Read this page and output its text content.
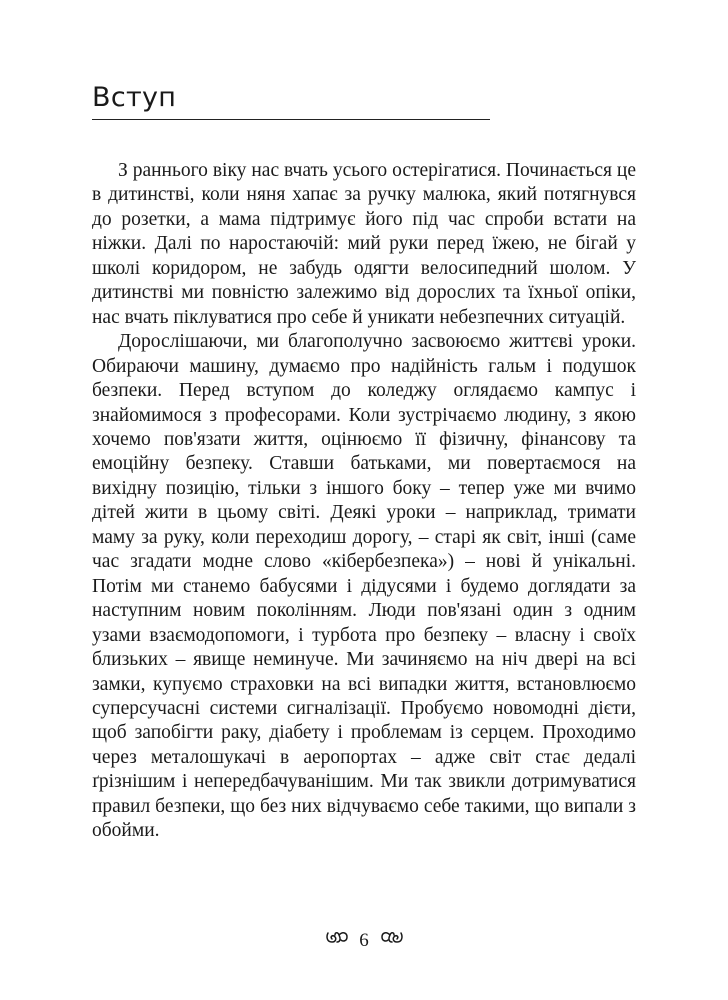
Вступ

З раннього віку нас вчать усього остерігатися. Починається це в дитинстві, коли няня хапає за ручку малюка, який потягнувся до розетки, а мама підтримує його під час спроби встати на ніжки. Далі по наростаючій: мий руки перед їжею, не бігай у школі коридором, не забудь одягти велосипедний шолом. У дитинстві ми повністю залежимо від дорослих та їхньої опіки, нас вчать піклуватися про себе й уникати небезпечних ситуацій.

Дорослішаючи, ми благополучно засвоюємо життєві уроки. Обираючи машину, думаємо про надійність гальм і подушок безпеки. Перед вступом до коледжу оглядаємо кампус і знайомимося з професорами. Коли зустрічаємо людину, з якою хочемо пов'язати життя, оцінюємо її фізичну, фінансову та емоційну безпеку. Ставши батьками, ми повертаємося на вихідну позицію, тільки з іншого боку – тепер уже ми вчимо дітей жити в цьому світі. Деякі уроки – наприклад, тримати маму за руку, коли переходиш дорогу, – старі як світ, інші (саме час згадати модне слово «кібербезпека») – нові й унікальні. Потім ми станемо бабусями і дідусями і будемо доглядати за наступним новим поколінням. Люди пов'язані один з одним узами взаємодопомоги, і турбота про безпеку – власну і своїх близьких – явище неминуче. Ми зачиняємо на ніч двері на всі замки, купуємо страховки на всі випадки життя, встановлюємо суперсучасні системи сигналізації. Пробуємо новомодні дієти, щоб запобігти раку, діабету і проблемам із серцем. Проходимо через металошукачі в аеропортах – адже світ стає дедалі ґрізнішим і непередбачуванішим. Ми так звикли дотримуватися правил безпеки, що без них відчуваємо себе такими, що випали з обойми.

6
